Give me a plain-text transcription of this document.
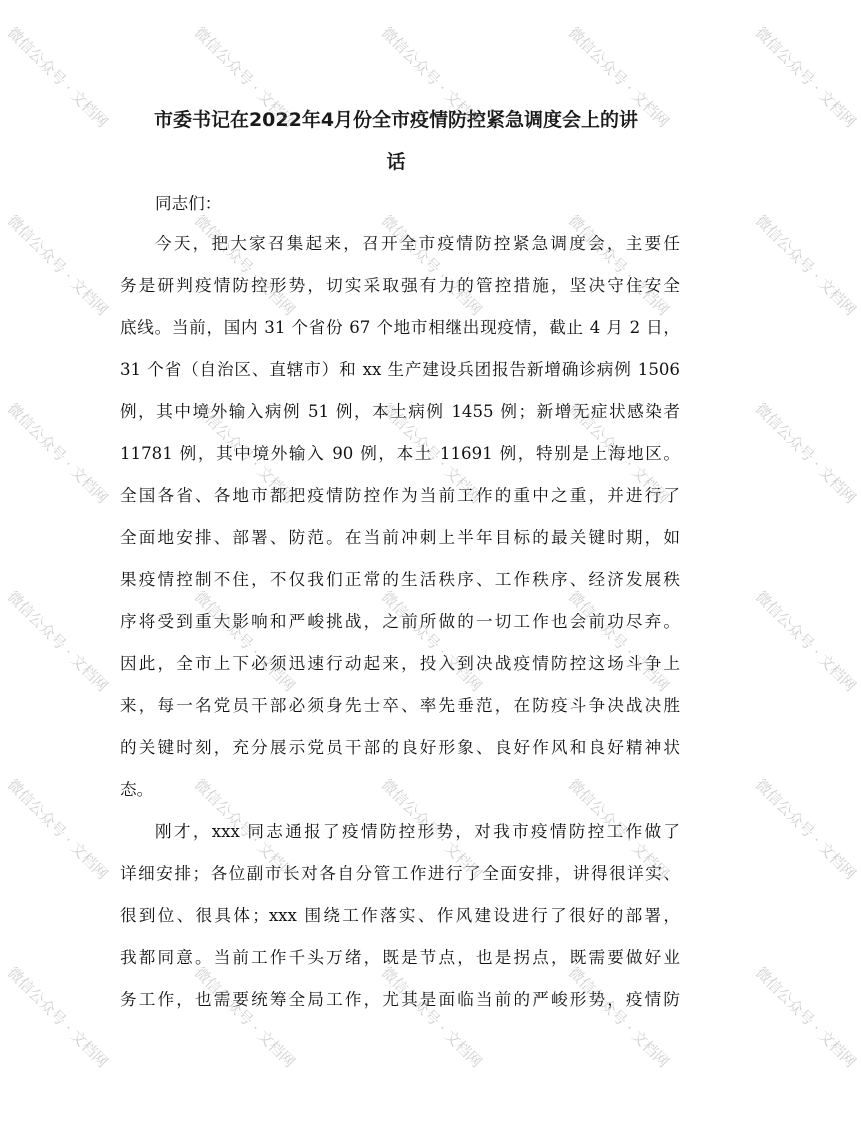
市委书记在2022年4月份全市疫情防控紧急调度会上的讲
话

同志们：

今天，把大家召集起来，召开全市疫情防控紧急调度会，主要任

务是研判疫情防控形势，切实采取强有力的管控措施，坚决守住安全

底线。当前，国内 31 个省份 67 个地市相继出现疫情，截止 4 月 2 日，

31 个省（自治区、直辖市）和 xx 生产建设兵团报告新增确诊病例 1506

例，其中境外输入病例 51 例，本土病例 1455 例；新增无症状感染者

11781 例，其中境外输入 90 例，本土 11691 例，特别是上海地区。

全国各省、各地市都把疫情防控作为当前工作的重中之重，并进行了

全面地安排、部署、防范。在当前冲刺上半年目标的最关键时期，如

果疫情控制不住，不仅我们正常的生活秩序、工作秩序、经济发展秩

序将受到重大影响和严峻挑战，之前所做的一切工作也会前功尽弃。

因此，全市上下必须迅速行动起来，投入到决战疫情防控这场斗争上

来，每一名党员干部必须身先士卒、率先垂范，在防疫斗争决战决胜

的关键时刻，充分展示党员干部的良好形象、良好作风和良好精神状

态。

刚才，xxx 同志通报了疫情防控形势，对我市疫情防控工作做了

详细安排；各位副市长对各自分管工作进行了全面安排，讲得很详实、

很到位、很具体；xxx 围绕工作落实、作风建设进行了很好的部署，

我都同意。当前工作千头万绪，既是节点，也是拐点，既需要做好业

务工作，也需要统筹全局工作，尤其是面临当前的严峻形势，疫情防

微信公众号 · 文档网	微信公众号 · 文档网	微信公众号 · 文档网	微信公众号 · 文档网	微信公众号 · 文档网
微信公众号 · 文档网	微信公众号 · 文档网	微信公众号 · 文档网	微信公众号 · 文档网	微信公众号 · 文档网
微信公众号 · 文档网	微信公众号 · 文档网	微信公众号 · 文档网	微信公众号 · 文档网	微信公众号 · 文档网
微信公众号 · 文档网	微信公众号 · 文档网	微信公众号 · 文档网	微信公众号 · 文档网	微信公众号 · 文档网
微信公众号 · 文档网	微信公众号 · 文档网	微信公众号 · 文档网	微信公众号 · 文档网	微信公众号 · 文档网
微信公众号 · 文档网	微信公众号 · 文档网	微信公众号 · 文档网	微信公众号 · 文档网	微信公众号 · 文档网
